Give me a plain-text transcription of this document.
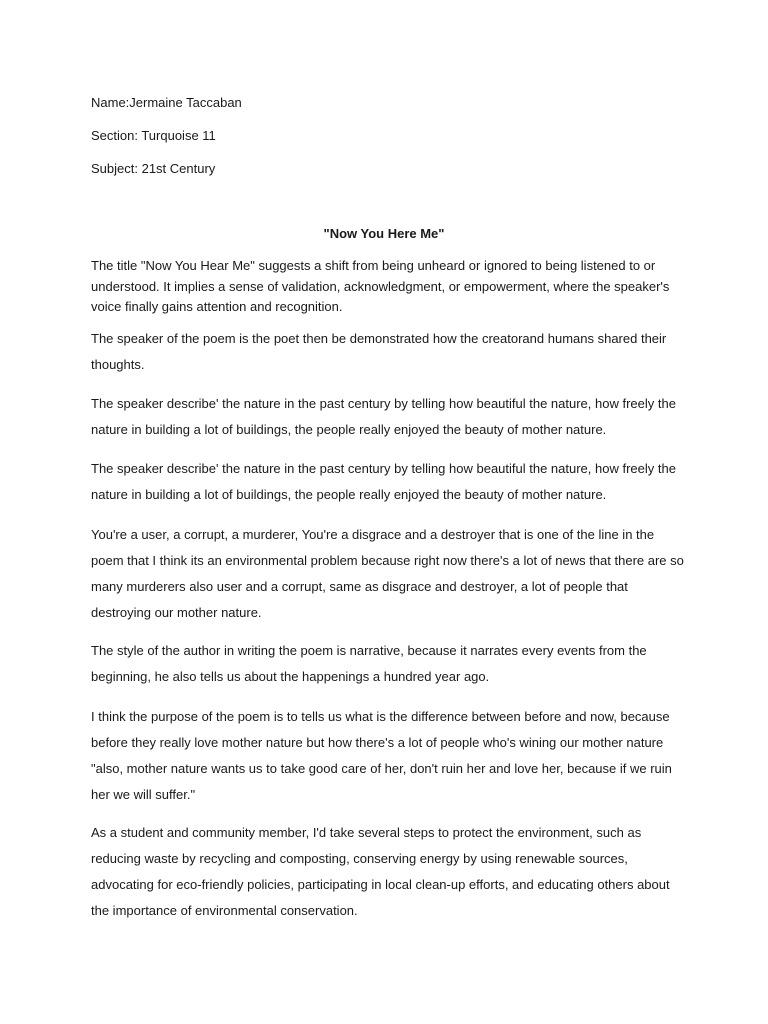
Name:Jermaine Taccaban
Section: Turquoise 11
Subject: 21st Century
"Now You Here Me"

The title "Now You Hear Me" suggests a shift from being unheard or ignored to being listened to or understood. It implies a sense of validation, acknowledgment, or empowerment, where the speaker's voice finally gains attention and recognition.

The speaker of the poem is the poet then be demonstrated how the creatorand humans shared their thoughts.

The speaker describe' the nature in the past century by telling how beautiful the nature, how freely the nature in building a lot of buildings, the people really enjoyed the beauty of mother nature.

The speaker describe' the nature in the past century by telling how beautiful the nature, how freely the nature in building a lot of buildings, the people really enjoyed the beauty of mother nature.

You're a user, a corrupt, a murderer, You're a disgrace and a destroyer that is one of the line in the poem that I think its an environmental problem because right now there's a lot of news that there are so many murderers also user and a corrupt, same as disgrace and destroyer, a lot of people that destroying our mother nature.

The style of the author in writing the poem is narrative, because it narrates every events from the beginning, he also tells us about the happenings a hundred year ago.

I think the purpose of the poem is to tells us what is the difference between before and now, because before they really love mother nature but how there's a lot of people who's wining our mother nature "also, mother nature wants us to take good care of her, don't ruin her and love her, because if we ruin her we will suffer."

As a student and community member, I'd take several steps to protect the environment, such as reducing waste by recycling and composting, conserving energy by using renewable sources, advocating for eco-friendly policies, participating in local clean-up efforts, and educating others about the importance of environmental conservation.
